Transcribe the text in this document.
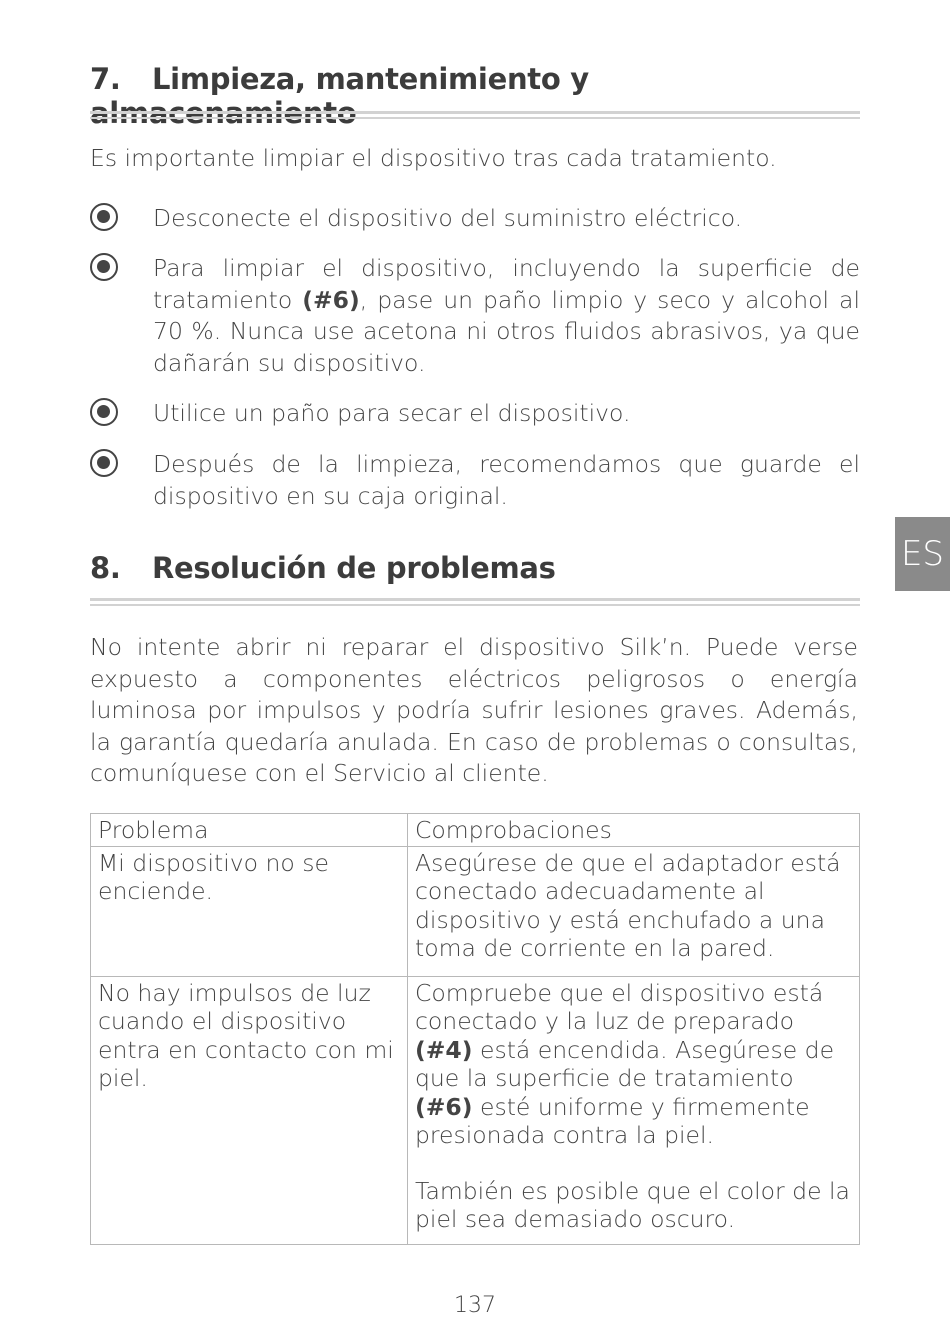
7. Limpieza, mantenimiento y almacenamiento
Es importante limpiar el dispositivo tras cada tratamiento.
Desconecte el dispositivo del suministro eléctrico.
Para limpiar el dispositivo, incluyendo la superficie de tratamiento (#6), pase un paño limpio y seco y alcohol al 70 %. Nunca use acetona ni otros fluidos abrasivos, ya que dañarán su dispositivo.
Utilice un paño para secar el dispositivo.
Después de la limpieza, recomendamos que guarde el dispositivo en su caja original.
ES
8. Resolución de problemas
No intente abrir ni reparar el dispositivo Silk’n. Puede verse expuesto a componentes eléctricos peligrosos o energía luminosa por impulsos y podría sufrir lesiones graves. Además, la garantía quedaría anulada. En caso de problemas o consultas, comuníquese con el Servicio al cliente.
Problema	Comprobaciones
Mi dispositivo no se enciende.	Asegúrese de que el adaptador está conectado adecuadamente al dispositivo y está enchufado a una toma de corriente en la pared.
No hay impulsos de luz cuando el dispositivo entra en contacto con mi piel.	Compruebe que el dispositivo está conectado y la luz de preparado (#4) está encendida. Asegúrese de que la superficie de tratamiento (#6) esté uniforme y firmemente presionada contra la piel.
También es posible que el color de la piel sea demasiado oscuro.
137
